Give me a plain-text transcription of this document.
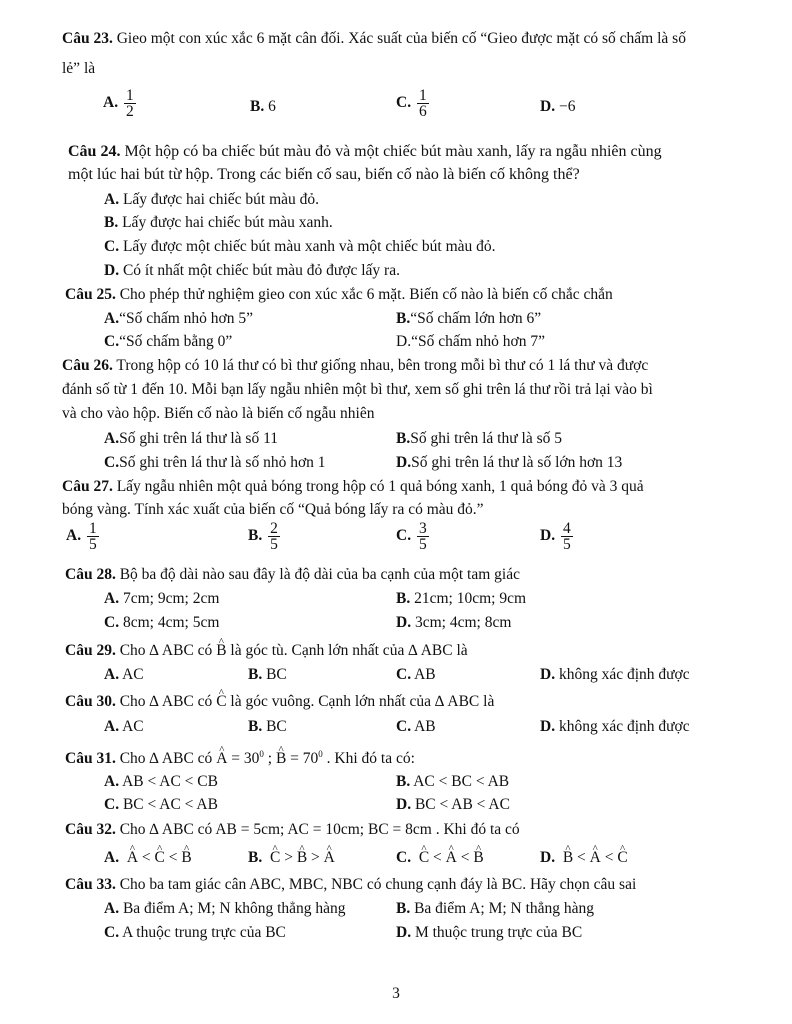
Câu 23. Gieo một con xúc xắc 6 mặt cân đối. Xác suất của biến cố “Gieo được mặt có số chấm là số
lẻ” là
A. $\frac{1}{2}$	B. 6	C. $\frac{1}{6}$	D. −6
Câu 24. Một hộp có ba chiếc bút màu đỏ và một chiếc bút màu xanh, lấy ra ngẫu nhiên cùng
một lúc hai bút từ hộp. Trong các biến cố sau, biến cố nào là biến cố không thể?
A. Lấy được hai chiếc bút màu đỏ.
B. Lấy được hai chiếc bút màu xanh.
C. Lấy được một chiếc bút màu xanh và một chiếc bút màu đỏ.
D. Có ít nhất một chiếc bút màu đỏ được lấy ra.
Câu 25. Cho phép thử nghiệm gieo con xúc xắc 6 mặt. Biến cố nào là biến cố chắc chắn
A.“Số chấm nhỏ hơn 5”	B.“Số chấm lớn hơn 6”
C.“Số chấm bằng 0”	D.“Số chấm nhỏ hơn 7”
Câu 26. Trong hộp có 10 lá thư có bì thư giống nhau, bên trong mỗi bì thư có 1 lá thư và được
đánh số từ 1 đến 10. Mỗi bạn lấy ngẫu nhiên một bì thư, xem số ghi trên lá thư rồi trả lại vào bì
và cho vào hộp. Biến cố nào là biến cố ngẫu nhiên
A.Số ghi trên lá thư là số 11	B.Số ghi trên lá thư là số 5
C.Số ghi trên lá thư là số nhỏ hơn 1	D.Số ghi trên lá thư là số lớn hơn 13
Câu 27. Lấy ngẫu nhiên một quả bóng trong hộp có 1 quả bóng xanh, 1 quả bóng đỏ và 3 quả
bóng vàng. Tính xác xuất của biến cố “Quả bóng lấy ra có màu đỏ.”
A. $\frac{1}{5}$	B. $\frac{2}{5}$	C. $\frac{3}{5}$	D. $\frac{4}{5}$
Câu 28. Bộ ba độ dài nào sau đây là độ dài của ba cạnh của một tam giác
A. 7cm; 9cm; 2cm	B. 21cm; 10cm; 9cm
C. 8cm; 4cm; 5cm	D. 3cm; 4cm; 8cm
Câu 29. Cho ∆ ABC có ^ B là góc tù. Cạnh lớn nhất của ∆ ABC là
A. AC	B. BC	C. AB	D. không xác định được
Câu 30. Cho ∆ ABC có ^ C là góc vuông. Cạnh lớn nhất của ∆ ABC là
A. AC	B. BC	C. AB	D. không xác định được
Câu 31. Cho ∆ ABC có ^ $A = 30^0$ ; ^ $B = 70^0$ . Khi đó ta có:
A. AB < AC < CB	B. AC < BC < AB
C. BC < AC < AB	D. BC < AB < AC
Câu 32. Cho ∆ ABC có AB = 5cm; AC = 10cm; BC = 8cm . Khi đó ta có
A. ^ A < ^ C < ^ B	B. ^ C > ^ B > ^ A	C. ^ C < ^ A < ^ B	D. ^ B < ^ A < ^ C
Câu 33. Cho ba tam giác cân ABC, MBC, NBC có chung cạnh đáy là BC. Hãy chọn câu sai
A. Ba điểm A; M; N không thẳng hàng	B. Ba điểm A; M; N thẳng hàng
C. A thuộc trung trực của BC	D. M thuộc trung trực của BC
3
